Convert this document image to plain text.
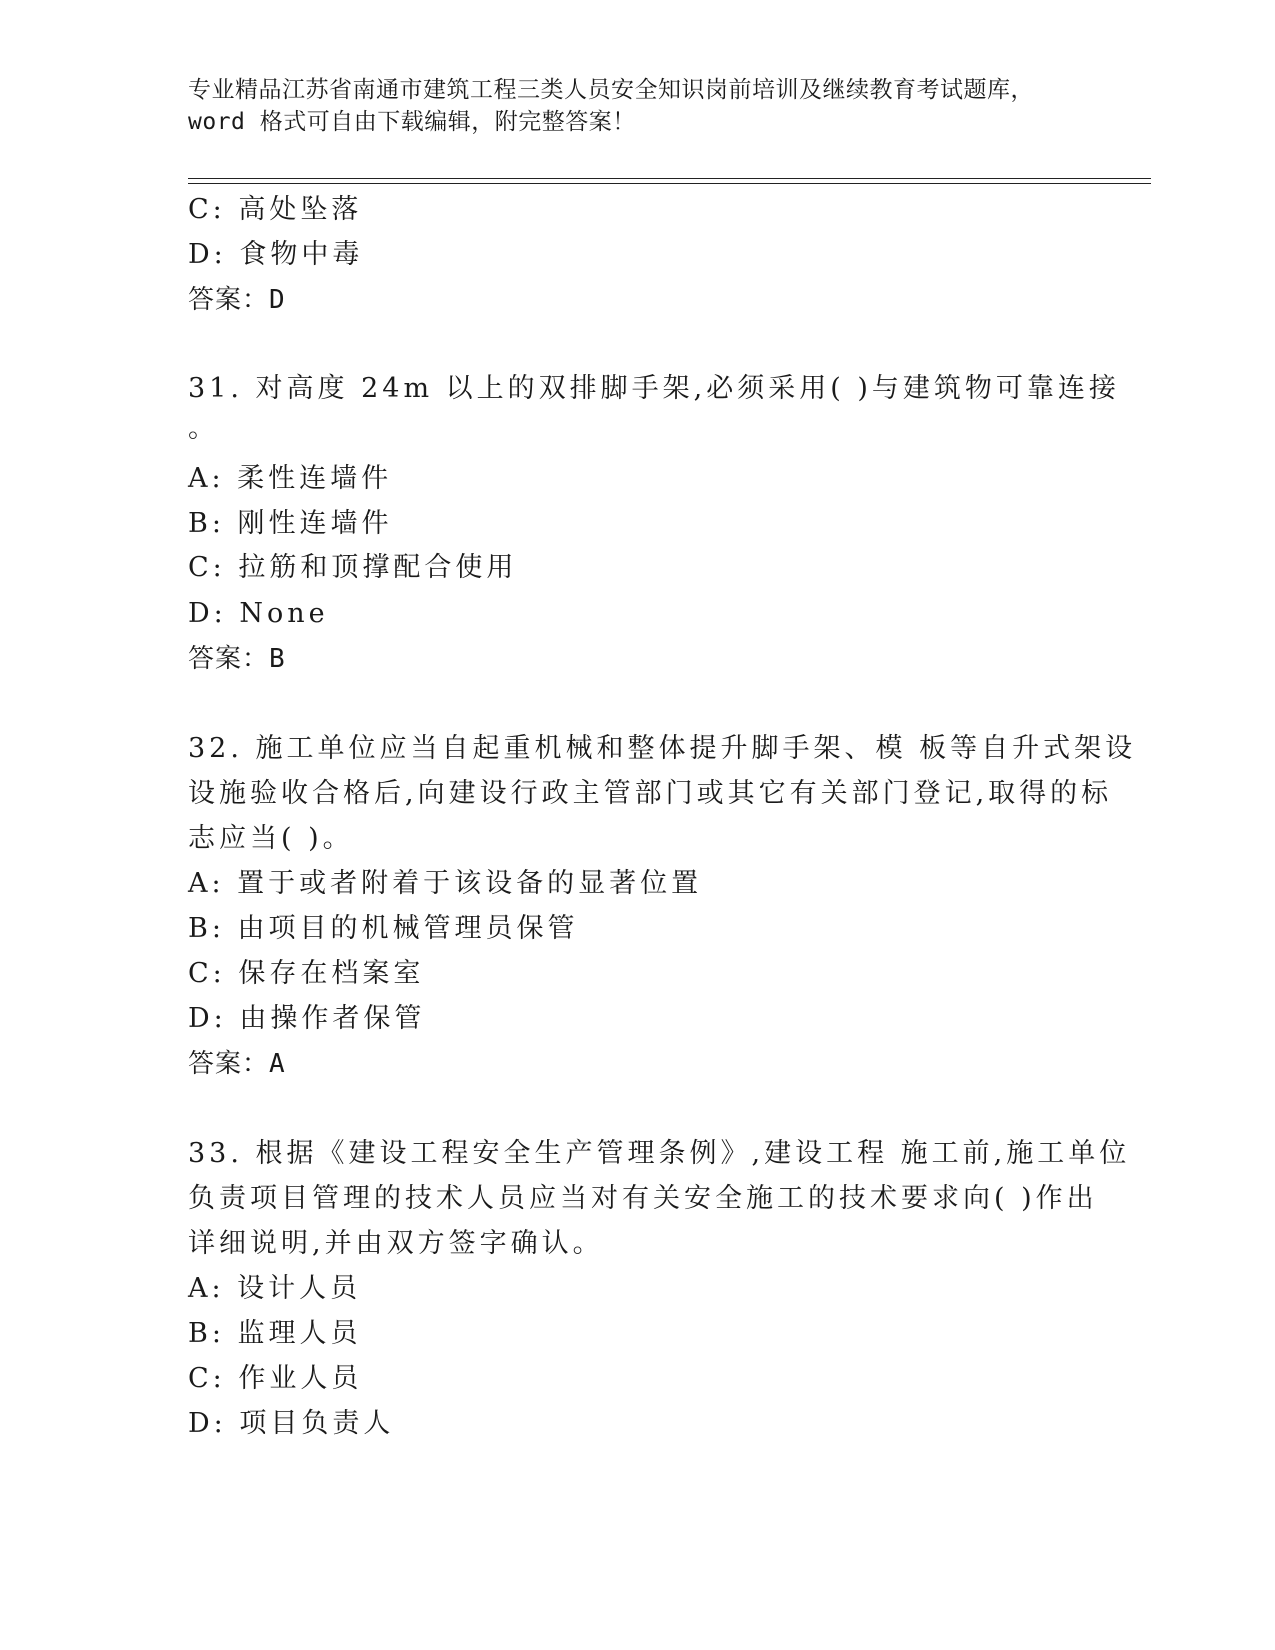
专业精品江苏省南通市建筑工程三类人员安全知识岗前培训及继续教育考试题库，
word 格式可自由下载编辑，附完整答案！
C: 高处坠落
D: 食物中毒
答案：D
31. 对高度 24m 以上的双排脚手架,必须采用( )与建筑物可靠连接
。
A: 柔性连墙件
B: 刚性连墙件
C: 拉筋和顶撑配合使用
D: None
答案：B
32. 施工单位应当自起重机械和整体提升脚手架、模 板等自升式架设
设施验收合格后,向建设行政主管部门或其它有关部门登记,取得的标
志应当( )。
A: 置于或者附着于该设备的显著位置
B: 由项目的机械管理员保管
C: 保存在档案室
D: 由操作者保管
答案：A
33. 根据《建设工程安全生产管理条例》,建设工程 施工前,施工单位
负责项目管理的技术人员应当对有关安全施工的技术要求向( )作出
详细说明,并由双方签字确认。
A: 设计人员
B: 监理人员
C: 作业人员
D: 项目负责人
